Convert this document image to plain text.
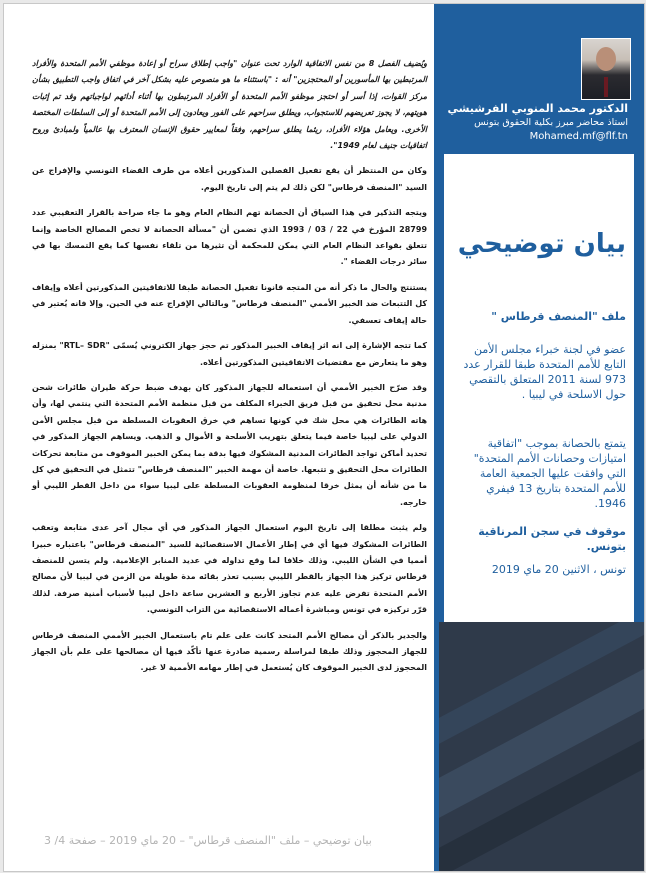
ويُضيف الفصل 8 من نفس الاتفاقية الوارد تحت عنوان "واجب إطلاق سراح أو إعادة موظفي الأمم المتحدة والأفراد المرتبطين بها المأسورين أو المحتجزين" أنه : "باستثناء ما هو منصوص عليه بشكل آخر في اتفاق واجب التطبيق بشأن مركز القوات، إذا أسر أو احتجز موظفو الأمم المتحدة أو الأفراد المرتبطون بها أثناء أدائهم لواجباتهم وقد تم إثبات هويتهم، لا يجوز تعريضهم للاستجواب، ويطلق سراحهم على الفور ويعادون إلى الأمم المتحدة أو إلى السلطات المختصة الأخرى. ويعامل هؤلاء الأفراد، ريثما يطلق سراحهم، وفقاً لمعايير حقوق الإنسان المعترف بها عالمياً ولمبادئ وروح اتفاقيات جنيف لعام 1949".

وكان من المنتظر أن يقع تفعيل الفصلين المذكورين أعلاه من طرف القضاء التونسي والإفراج عن السيد "المنصف قرطاس" لكن ذلك لم يتم إلى تاريخ اليوم.

ويتجه التذكير في هذا السياق أن الحصانة تهم النظام العام وهو ما جاء صراحة بالقرار التعقيبي عدد 28799 المؤرخ في 22 / 03 / 1993 الذي تضمن أن "مسألة الحصانة لا تخص المصالح الخاصة وإنما تتعلق بقواعد النظام العام التي يمكن للمحكمة أن تثيرها من تلقاء نفسها كما يقع التمسك بها في سائر درجات القضاء ".

يستنتج والحال ما ذكر أنه من المتجه قانونا تفعيل الحصانة طبقا للاتفاقيتين المذكورتين أعلاه وإيقاف كل التتبعات ضد الخبير الأممي "المنصف قرطاس" وبالتالي الإفراج عنه في الحين. وإلا فانه يُعتبر في حالة إيقاف تعسفي.

كما تتجه الإشارة إلى انه اثر إيقاف الخبير المذكور تم حجز جهاز الكتروني يُسمّى "RTL– SDR" بمنزله وهو ما يتعارض مع مقتضيات الاتفاقيتين المذكورتين أعلاه.

وقد صرّح الخبير الأممي أن استعماله للجهاز المذكور كان بهدف ضبط حركة طيران طائرات شحن مدنية محل تحقيق من قبل فريق الخبراء المكلف من قبل منظمة الأمم المتحدة التي ينتمي لها، وأن هاته الطائرات هي محل شك في كونها تساهم في خرق العقوبات المسلطة من قبل مجلس الأمن الدولي على ليبيا خاصة فيما يتعلق بتهريب الأسلحة و الأموال و الذهب. ويساهم الجهاز المذكور في تحديد أماكن تواجد الطائرات المدنية المشكوك فيها بدقة بما يمكن الخبير الموقوف من متابعة تحركات الطائرات محل التحقيق و تتبعها. خاصة أن مهمة الخبير "المنصف قرطاس" تتمثل في التحقيق في كل ما من شأنه أن يمثل خرقا لمنظومة العقوبات المسلطة على ليبيا سواء من داخل القطر الليبي أو خارجه.

ولم يثبت مطلقا إلى تاريخ اليوم استعمال الجهاز المذكور في أي مجال آخر عدى متابعة وتعقب الطائرات المشكوك فيها أي في إطار الأعمال الاستقصائية للسيد "المنصف قرطاس" باعتباره خبيرا أمميا في الشأن الليبي. وذلك خلافا لما وقع تداوله في عديد المنابر الإعلامية. ولم يتسن للمنصف قرطاس تركيز هذا الجهاز بالقطر الليبي بسبب تعذر بقائه مدة طويلة من الزمن في ليبيا لأن مصالح الأمم المتحدة تفرض عليه عدم تجاوز الأربع و العشرين ساعة داخل ليبيا لأسباب أمنية صرفة. لذلك قرّر تركيزه في تونس ومباشرة أعماله الاستقصائية من التراب التونسي.

والجدير بالذكر أن مصالح الأمم المتحد كانت على علم تام باستعمال الخبير الأممي المنصف قرطاس للجهاز المحجوز وذلك طبقا لمراسلة رسمية صادرة عنها تأكّد فيها أن مصالحها على علم بأن الجهاز المحجوز لدى الخبير الموقوف كان يُستعمل في إطار مهامه الأممية لا غير.

بيان توضيحي – ملف "المنصف قرطاس" – 20 ماي 2019 – صفحة 4/ 3
الدكتور محمد المنوبي الفرشيشي
استاذ محاضر مبرز بكلية الحقوق بتونس
Mohamed.mf@flf.tn
بيان توضيحي
ملف "المنصف قرطاس "
عضو في لجنة خبراء مجلس الأمن التابع للأمم المتحدة طبقا للقرار عدد 973 لسنة 2011 المتعلق بالتقصي حول الاسلحة في ليبيا .
يتمتع بالحصانة بموجب "اتفاقية امتيازات وحصانات الأمم المتحدة" التي وافقت عليها الجمعية العامة للأمم المتحدة بتاريخ 13 فيفري 1946.
موقوف في سجن المرناقية بتونس.
تونس ، الاثنين 20 ماي 2019
